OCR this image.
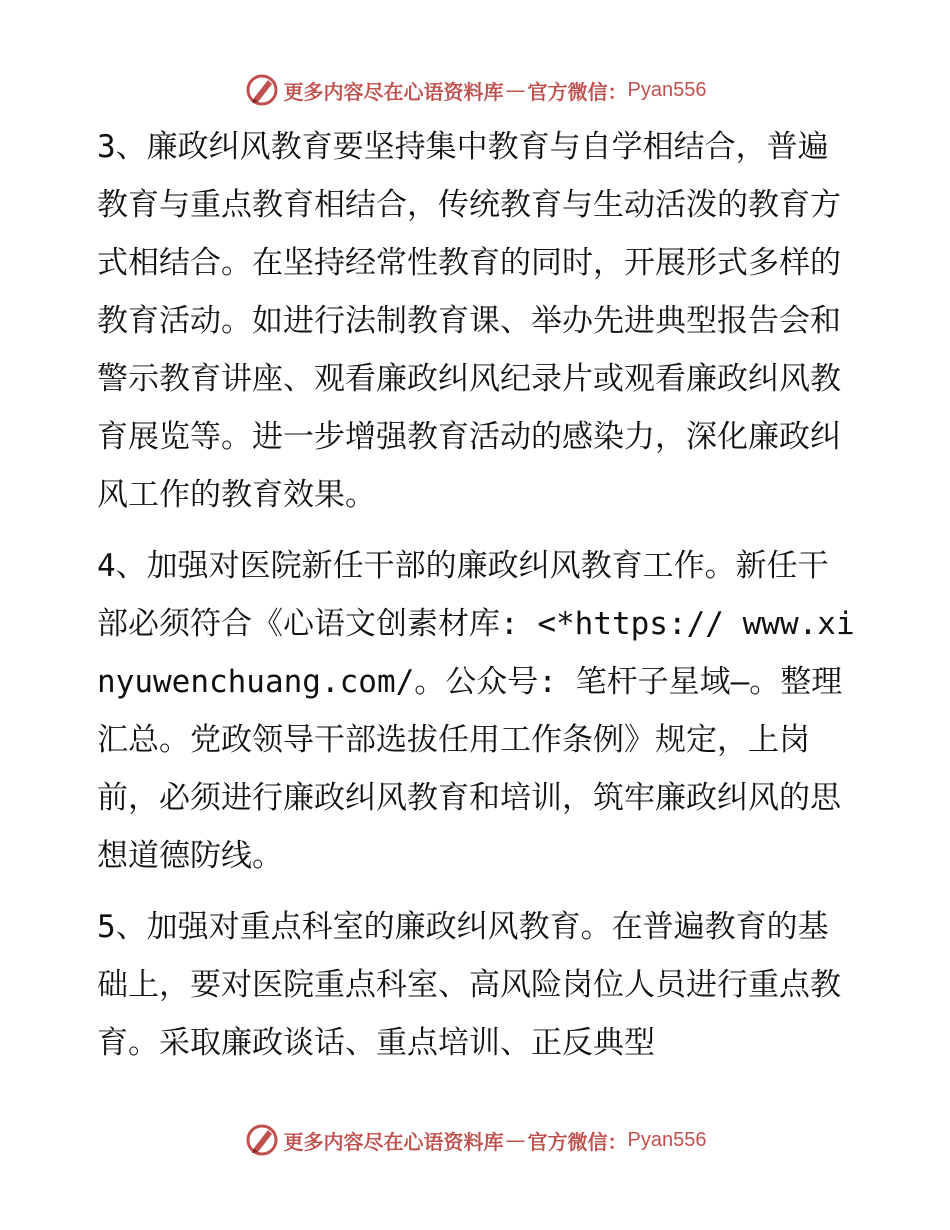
更多内容尽在心语资料库 — 官方微信： Pyan556

3、廉政纠风教育要坚持集中教育与自学相结合，普遍教育与重点教育相结合，传统教育与生动活泼的教育方式相结合。在坚持经常性教育的同时，开展形式多样的教育活动。如进行法制教育课、举办先进典型报告会和警示教育讲座、观看廉政纠风纪录片或观看廉政纠风教育展览等。进一步增强教育活动的感染力，深化廉政纠风工作的教育效果。

4、加强对医院新任干部的廉政纠风教育工作。新任干部必须符合《心语文创素材库: <*https:// www.xinyuwenchuang.com/。公众号: 笔杆子星域—。整理汇总。党政领导干部选拔任用工作条例》规定，上岗前，必须进行廉政纠风教育和培训，筑牢廉政纠风的思想道德防线。

5、加强对重点科室的廉政纠风教育。在普遍教育的基础上，要对医院重点科室、高风险岗位人员进行重点教育。采取廉政谈话、重点培训、正反典型

更多内容尽在心语资料库 — 官方微信： Pyan556
